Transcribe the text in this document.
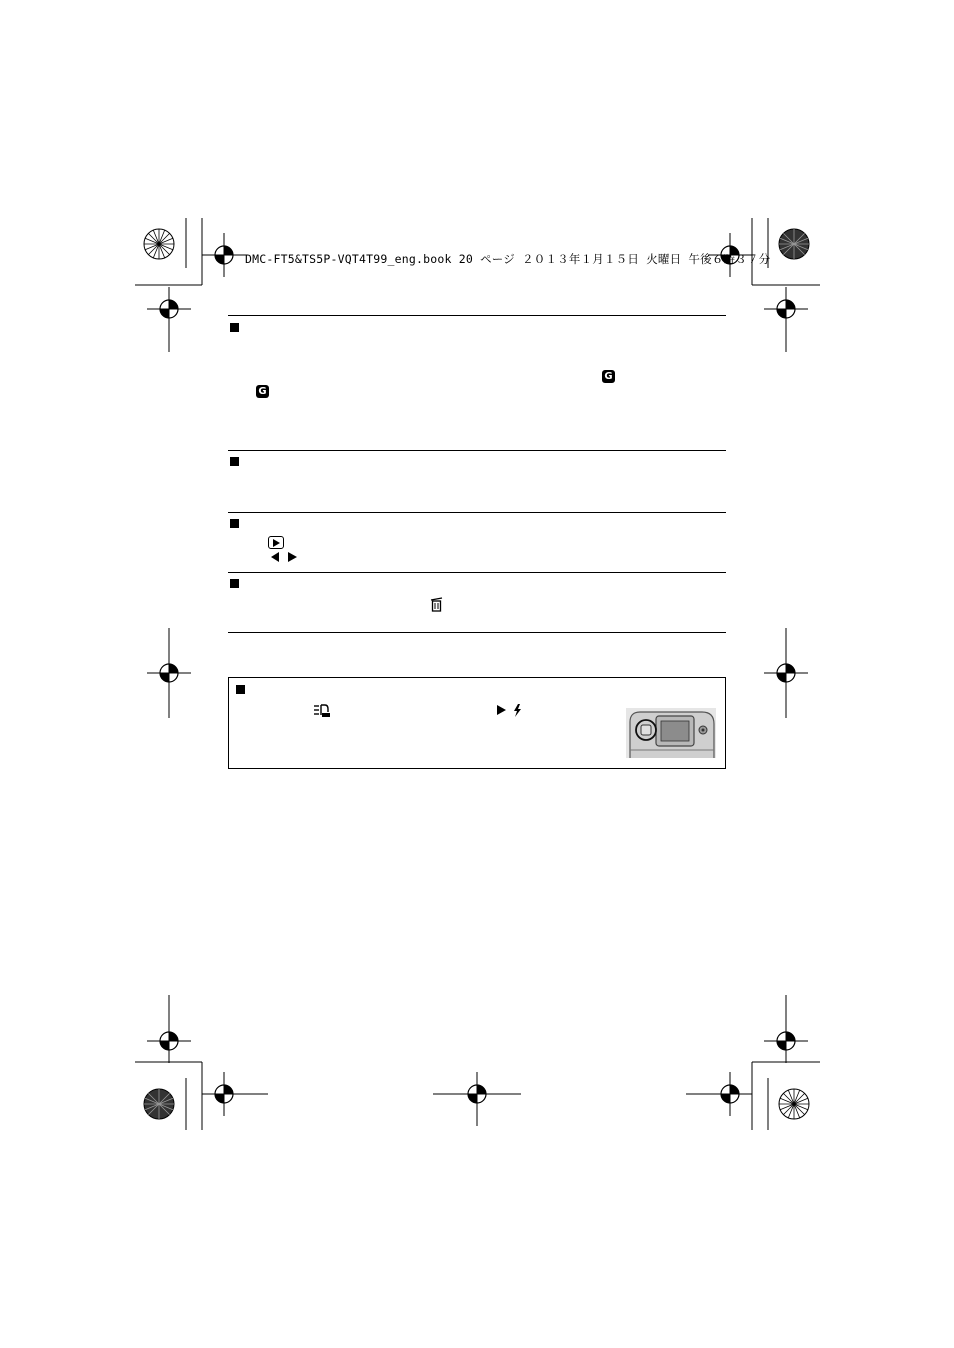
DMC-FT5&TS5P-VQT4T99_eng.book 20 ページ ２０１３年１月１５日 火曜日 午後６時３７分
G
G
